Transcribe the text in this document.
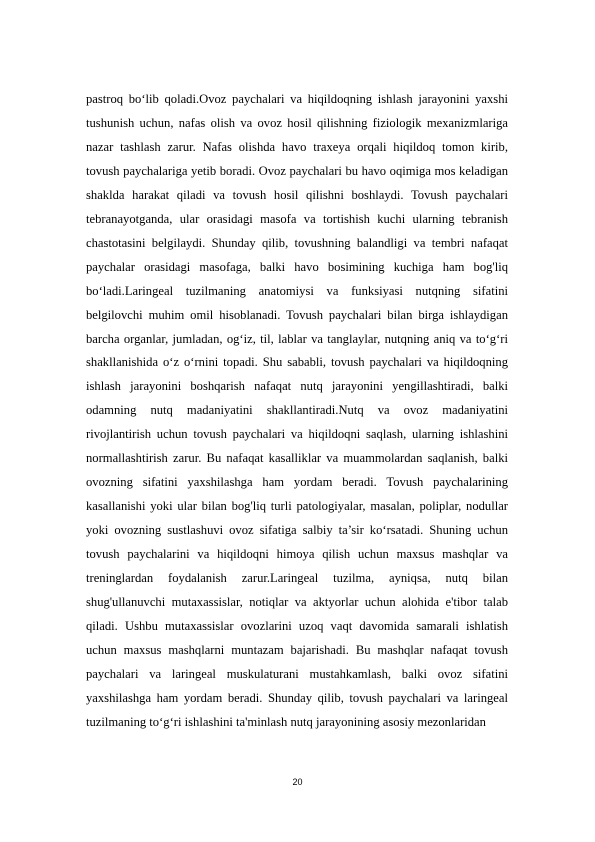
pastroq bo‘lib qoladi.Ovoz paychalari va hiqildoqning ishlash jarayonini yaxshi tushunish uchun, nafas olish va ovoz hosil qilishning fiziologik mexanizmlariga nazar tashlash zarur. Nafas olishda havo traxeya orqali hiqildoq tomon kirib, tovush paychalariga yetib boradi. Ovoz paychalari bu havo oqimiga mos keladigan shaklda harakat qiladi va tovush hosil qilishni boshlaydi. Tovush paychalari tebranayotganda, ular orasidagi masofa va tortishish kuchi ularning tebranish chastotasini belgilaydi. Shunday qilib, tovushning balandligi va tembri nafaqat paychalar orasidagi masofaga, balki havo bosimining kuchiga ham bog'liq bo‘ladi.Laringeal tuzilmaning anatomiysi va funksiyasi nutqning sifatini belgilovchi muhim omil hisoblanadi. Tovush paychalari bilan birga ishlaydigan barcha organlar, jumladan, og‘iz, til, lablar va tanglaylar, nutqning aniq va to‘g‘ri shakllanishida o‘z o‘rnini topadi. Shu sababli, tovush paychalari va hiqildoqning ishlash jarayonini boshqarish nafaqat nutq jarayonini yengillashtiradi, balki odamning nutq madaniyatini shakllantiradi.Nutq va ovoz madaniyatini rivojlantirish uchun tovush paychalari va hiqildoqni saqlash, ularning ishlashini normallashtirish zarur. Bu nafaqat kasalliklar va muammolardan saqlanish, balki ovozning sifatini yaxshilashga ham yordam beradi. Tovush paychalarining kasallanishi yoki ular bilan bog'liq turli patologiyalar, masalan, poliplar, nodullar yoki ovozning sustlashuvi ovoz sifatiga salbiy ta’sir ko‘rsatadi. Shuning uchun tovush paychalarini va hiqildoqni himoya qilish uchun maxsus mashqlar va treninglardan foydalanish zarur.Laringeal tuzilma, ayniqsa, nutq bilan shug'ullanuvchi mutaxassislar, notiqlar va aktyorlar uchun alohida e'tibor talab qiladi. Ushbu mutaxassislar ovozlarini uzoq vaqt davomida samarali ishlatish uchun maxsus mashqlarni muntazam bajarishadi. Bu mashqlar nafaqat tovush paychalari va laringeal muskulaturani mustahkamlash, balki ovoz sifatini yaxshilashga ham yordam beradi. Shunday qilib, tovush paychalari va laringeal tuzilmaning to‘g‘ri ishlashini ta'minlash nutq jarayonining asosiy mezonlaridan

20
